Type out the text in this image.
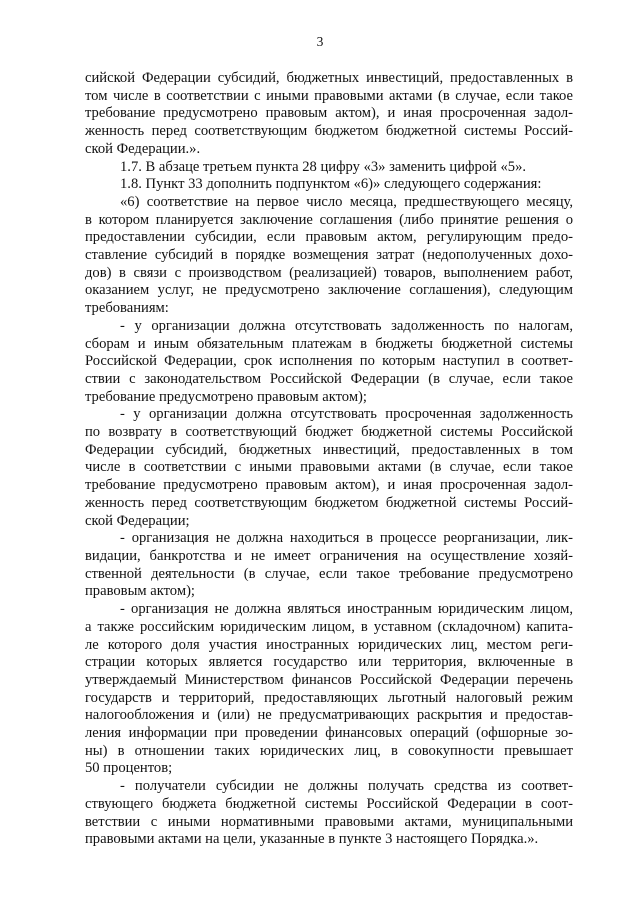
3
сийской Федерации субсидий, бюджетных инвестиций, предоставленных в
том числе в соответствии с иными правовыми актами (в случае, если такое
требование предусмотрено правовым актом), и иная просроченная задол-
женность перед соответствующим бюджетом бюджетной системы Россий-
ской Федерации.».
1.7. В абзаце третьем пункта 28 цифру «3» заменить цифрой «5».
1.8. Пункт 33 дополнить подпунктом «6)» следующего содержания:
«6) соответствие на первое число месяца, предшествующего месяцу,
в котором планируется заключение соглашения (либо принятие решения о
предоставлении субсидии, если правовым актом, регулирующим предо-
ставление субсидий в порядке возмещения затрат (недополученных дохо-
дов) в связи с производством (реализацией) товаров, выполнением работ,
оказанием услуг, не предусмотрено заключение соглашения), следующим
требованиям:
- у организации должна отсутствовать задолженность по налогам,
сборам и иным обязательным платежам в бюджеты бюджетной системы
Российской Федерации, срок исполнения по которым наступил в соответ-
ствии с законодательством Российской Федерации (в случае, если такое
требование предусмотрено правовым актом);
- у организации должна отсутствовать просроченная задолженность
по возврату в соответствующий бюджет бюджетной системы Российской
Федерации субсидий, бюджетных инвестиций, предоставленных в том
числе в соответствии с иными правовыми актами (в случае, если такое
требование предусмотрено правовым актом), и иная просроченная задол-
женность перед соответствующим бюджетом бюджетной системы Россий-
ской Федерации;
- организация не должна находиться в процессе реорганизации, лик-
видации, банкротства и не имеет ограничения на осуществление хозяй-
ственной деятельности (в случае, если такое требование предусмотрено
правовым актом);
- организация не должна являться иностранным юридическим лицом,
а также российским юридическим лицом, в уставном (складочном) капита-
ле которого доля участия иностранных юридических лиц, местом реги-
страции которых является государство или территория, включенные в
утверждаемый Министерством финансов Российской Федерации перечень
государств и территорий, предоставляющих льготный налоговый режим
налогообложения и (или) не предусматривающих раскрытия и предостав-
ления информации при проведении финансовых операций (офшорные зо-
ны) в отношении таких юридических лиц, в совокупности превышает
50 процентов;
- получатели субсидии не должны получать средства из соответ-
ствующего бюджета бюджетной системы Российской Федерации в соот-
ветствии с иными нормативными правовыми актами, муниципальными
правовыми актами на цели, указанные в пункте 3 настоящего Порядка.».
